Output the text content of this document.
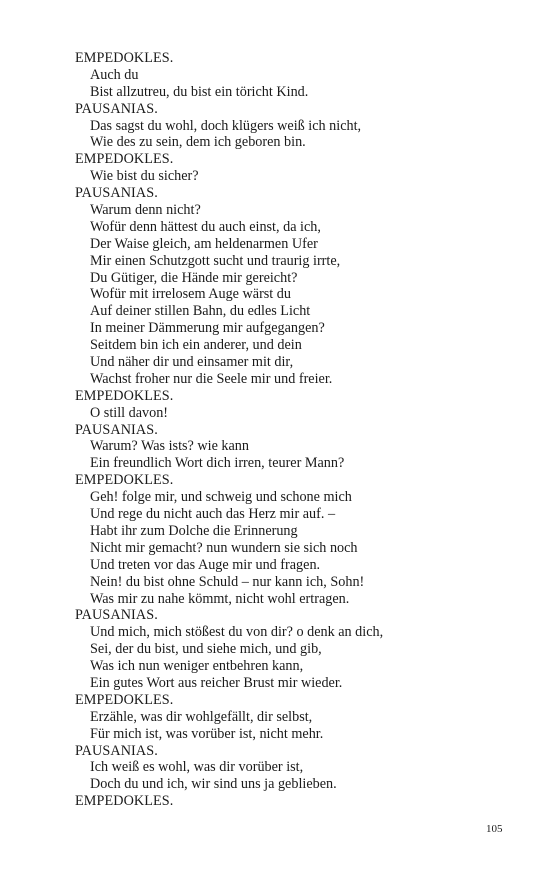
EMPEDOKLES.
Auch du
Bist allzutreu, du bist ein töricht Kind.
PAUSANIAS.
Das sagst du wohl, doch klügers weiß ich nicht,
Wie des zu sein, dem ich geboren bin.
EMPEDOKLES.
Wie bist du sicher?
PAUSANIAS.
Warum denn nicht?
Wofür denn hättest du auch einst, da ich,
Der Waise gleich, am heldenarmen Ufer
Mir einen Schutzgott sucht und traurig irrte,
Du Gütiger, die Hände mir gereicht?
Wofür mit irrelosem Auge wärst du
Auf deiner stillen Bahn, du edles Licht
In meiner Dämmerung mir aufgegangen?
Seitdem bin ich ein anderer, und dein
Und näher dir und einsamer mit dir,
Wachst froher nur die Seele mir und freier.
EMPEDOKLES.
O still davon!
PAUSANIAS.
Warum? Was ists? wie kann
Ein freundlich Wort dich irren, teurer Mann?
EMPEDOKLES.
Geh! folge mir, und schweig und schone mich
Und rege du nicht auch das Herz mir auf. –
Habt ihr zum Dolche die Erinnerung
Nicht mir gemacht? nun wundern sie sich noch
Und treten vor das Auge mir und fragen.
Nein! du bist ohne Schuld – nur kann ich, Sohn!
Was mir zu nahe kömmt, nicht wohl ertragen.
PAUSANIAS.
Und mich, mich stößest du von dir? o denk an dich,
Sei, der du bist, und siehe mich, und gib,
Was ich nun weniger entbehren kann,
Ein gutes Wort aus reicher Brust mir wieder.
EMPEDOKLES.
Erzähle, was dir wohlgefällt, dir selbst,
Für mich ist, was vorüber ist, nicht mehr.
PAUSANIAS.
Ich weiß es wohl, was dir vorüber ist,
Doch du und ich, wir sind uns ja geblieben.
EMPEDOKLES.
105
